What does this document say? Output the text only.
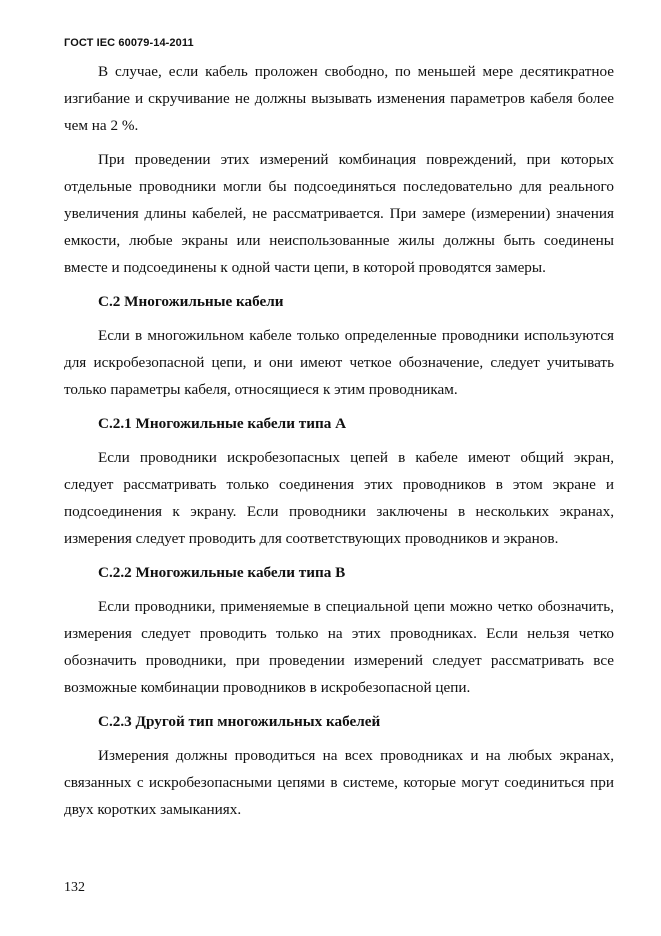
ГОСТ IEC 60079-14-2011

В случае, если кабель проложен свободно, по меньшей мере десятикратное изгибание и скручивание не должны вызывать изменения параметров кабеля более чем на 2 %.

При проведении этих измерений комбинация повреждений, при которых отдельные проводники могли бы подсоединяться последовательно для реального увеличения длины кабелей, не рассматривается. При замере (измерении) значения емкости, любые экраны или неиспользованные жилы должны быть соединены вместе и подсоединены к одной части цепи, в которой проводятся замеры.

С.2 Многожильные кабели

Если в многожильном кабеле только определенные проводники используются для искробезопасной цепи, и они имеют четкое обозначение, следует учитывать только параметры кабеля, относящиеся к этим проводникам.

С.2.1 Многожильные кабели типа А

Если проводники искробезопасных цепей в кабеле имеют общий экран, следует рассматривать только соединения этих проводников в этом экране и подсоединения к экрану. Если проводники заключены в нескольких экранах, измерения следует проводить для соответствующих проводников и экранов.

С.2.2 Многожильные кабели типа В

Если проводники, применяемые в специальной цепи можно четко обозначить, измерения следует проводить только на этих проводниках. Если нельзя четко обозначить проводники, при проведении измерений следует рассматривать все возможные комбинации проводников в искробезопасной цепи.

С.2.3 Другой тип многожильных кабелей

Измерения должны проводиться на всех проводниках и на любых экранах, связанных с искробезопасными цепями в системе, которые могут соединиться при двух коротких замыканиях.

132
